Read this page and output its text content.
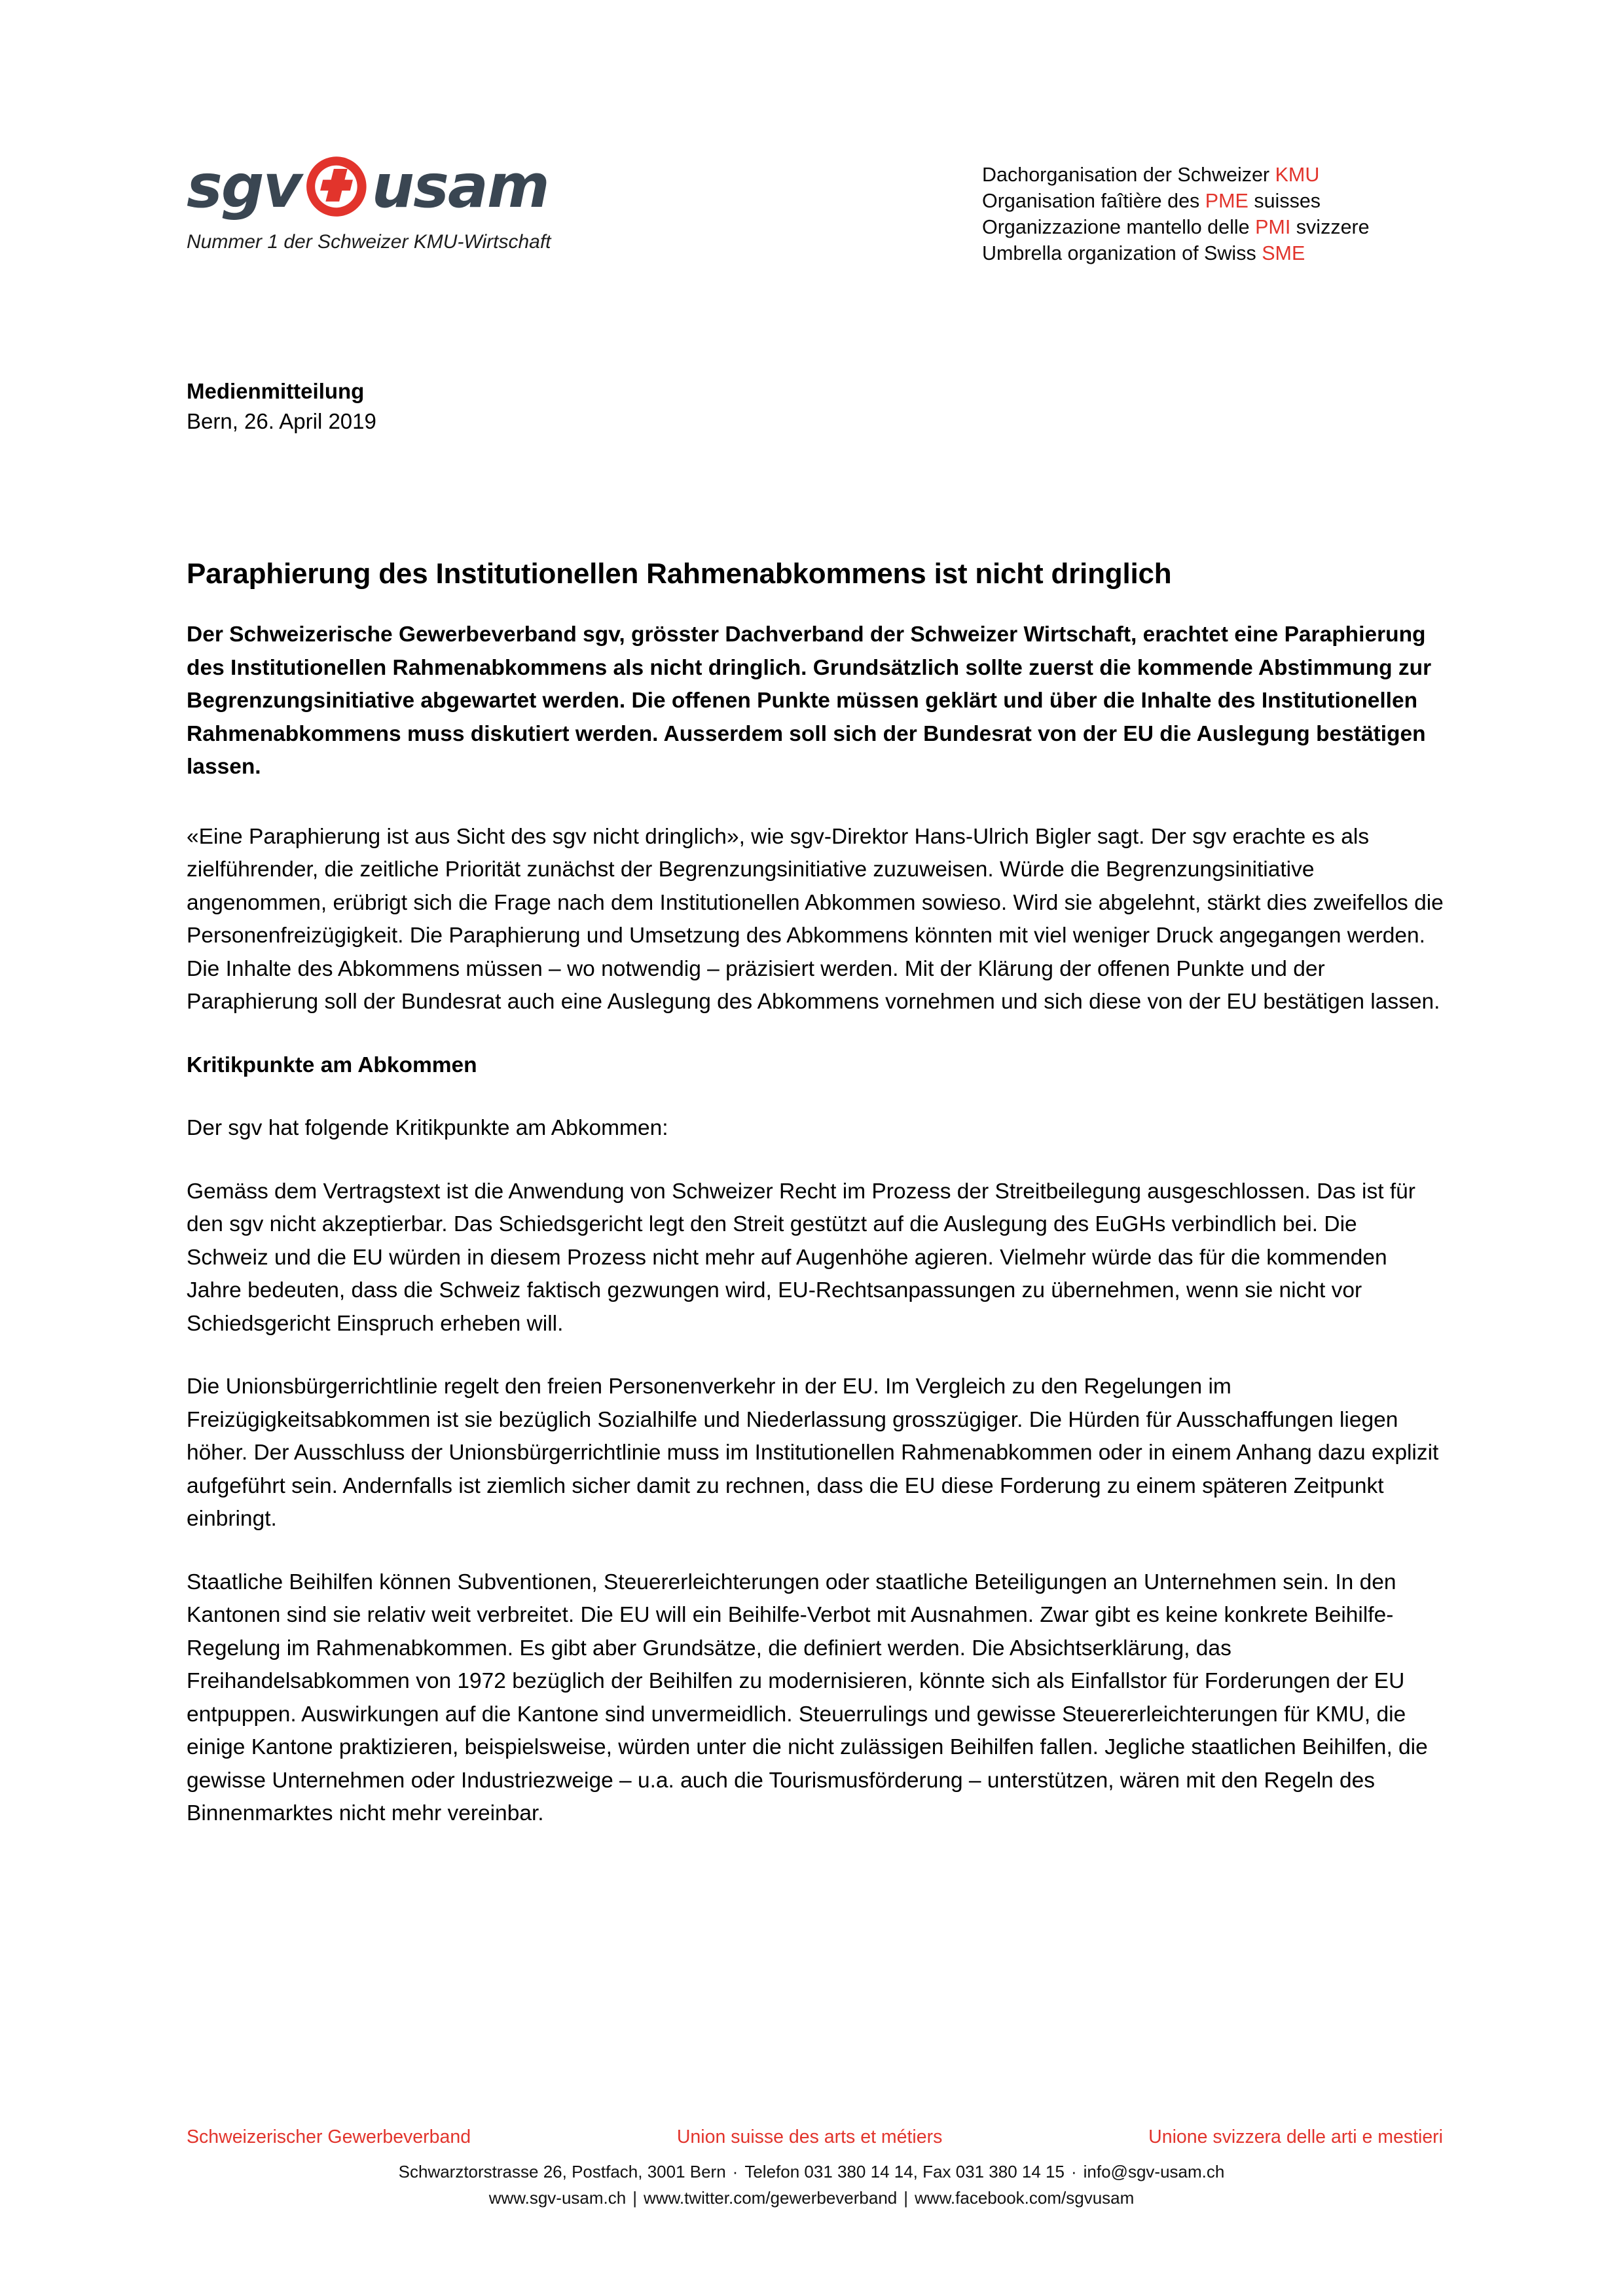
sgv usam
Nummer 1 der Schweizer KMU-Wirtschaft
Dachorganisation der Schweizer KMU
Organisation faîtière des PME suisses
Organizzazione mantello delle PMI svizzere
Umbrella organization of Swiss SME
Medienmitteilung
Bern, 26. April 2019
Paraphierung des Institutionellen Rahmenabkommens ist nicht dringlich

Der Schweizerische Gewerbeverband sgv, grösster Dachverband der Schweizer Wirtschaft, erachtet eine Paraphierung des Institutionellen Rahmenabkommens als nicht dringlich. Grundsätzlich sollte zuerst die kommende Abstimmung zur Begrenzungsinitiative abgewartet werden. Die offenen Punkte müssen geklärt und über die Inhalte des Institutionellen Rahmenabkommens muss diskutiert werden. Ausserdem soll sich der Bundesrat von der EU die Auslegung bestätigen lassen.

«Eine Paraphierung ist aus Sicht des sgv nicht dringlich», wie sgv-Direktor Hans-Ulrich Bigler sagt. Der sgv erachte es als zielführender, die zeitliche Priorität zunächst der Begrenzungsinitiative zuzuweisen. Würde die Begrenzungsinitiative angenommen, erübrigt sich die Frage nach dem Institutionellen Abkommen sowieso. Wird sie abgelehnt, stärkt dies zweifellos die Personenfreizügigkeit. Die Paraphierung und Umsetzung des Abkommens könnten mit viel weniger Druck angegangen werden. Die Inhalte des Abkommens müssen – wo notwendig – präzisiert werden. Mit der Klärung der offenen Punkte und der Paraphierung soll der Bundesrat auch eine Auslegung des Abkommens vornehmen und sich diese von der EU bestätigen lassen.

Kritikpunkte am Abkommen

Der sgv hat folgende Kritikpunkte am Abkommen:

Gemäss dem Vertragstext ist die Anwendung von Schweizer Recht im Prozess der Streitbeilegung ausgeschlossen. Das ist für den sgv nicht akzeptierbar. Das Schiedsgericht legt den Streit gestützt auf die Auslegung des EuGHs verbindlich bei. Die Schweiz und die EU würden in diesem Prozess nicht mehr auf Augenhöhe agieren. Vielmehr würde das für die kommenden Jahre bedeuten, dass die Schweiz faktisch gezwungen wird, EU-Rechtsanpassungen zu übernehmen, wenn sie nicht vor Schiedsgericht Einspruch erheben will.

Die Unionsbürgerrichtlinie regelt den freien Personenverkehr in der EU. Im Vergleich zu den Regelungen im Freizügigkeitsabkommen ist sie bezüglich Sozialhilfe und Niederlassung grosszügiger. Die Hürden für Ausschaffungen liegen höher. Der Ausschluss der Unionsbürgerrichtlinie muss im Institutionellen Rahmenabkommen oder in einem Anhang dazu explizit aufgeführt sein. Andernfalls ist ziemlich sicher damit zu rechnen, dass die EU diese Forderung zu einem späteren Zeitpunkt einbringt.

Staatliche Beihilfen können Subventionen, Steuererleichterungen oder staatliche Beteiligungen an Unternehmen sein. In den Kantonen sind sie relativ weit verbreitet. Die EU will ein Beihilfe-Verbot mit Ausnahmen. Zwar gibt es keine konkrete Beihilfe-Regelung im Rahmenabkommen. Es gibt aber Grundsätze, die definiert werden. Die Absichtserklärung, das Freihandelsabkommen von 1972 bezüglich der Beihilfen zu modernisieren, könnte sich als Einfallstor für Forderungen der EU entpuppen. Auswirkungen auf die Kantone sind unvermeidlich. Steuerrulings und gewisse Steuererleichterungen für KMU, die einige Kantone praktizieren, beispielsweise, würden unter die nicht zulässigen Beihilfen fallen. Jegliche staatlichen Beihilfen, die gewisse Unternehmen oder Industriezweige – u.a. auch die Tourismusförderung – unterstützen, wären mit den Regeln des Binnenmarktes nicht mehr vereinbar.

Schweizerischer Gewerbeverband	Union suisse des arts et métiers	Unione svizzera delle arti e mestieri
Schwarztorstrasse 26, Postfach, 3001 Bern · Telefon 031 380 14 14, Fax 031 380 14 15 · info@sgv-usam.ch
www.sgv-usam.ch | www.twitter.com/gewerbeverband | www.facebook.com/sgvusam
